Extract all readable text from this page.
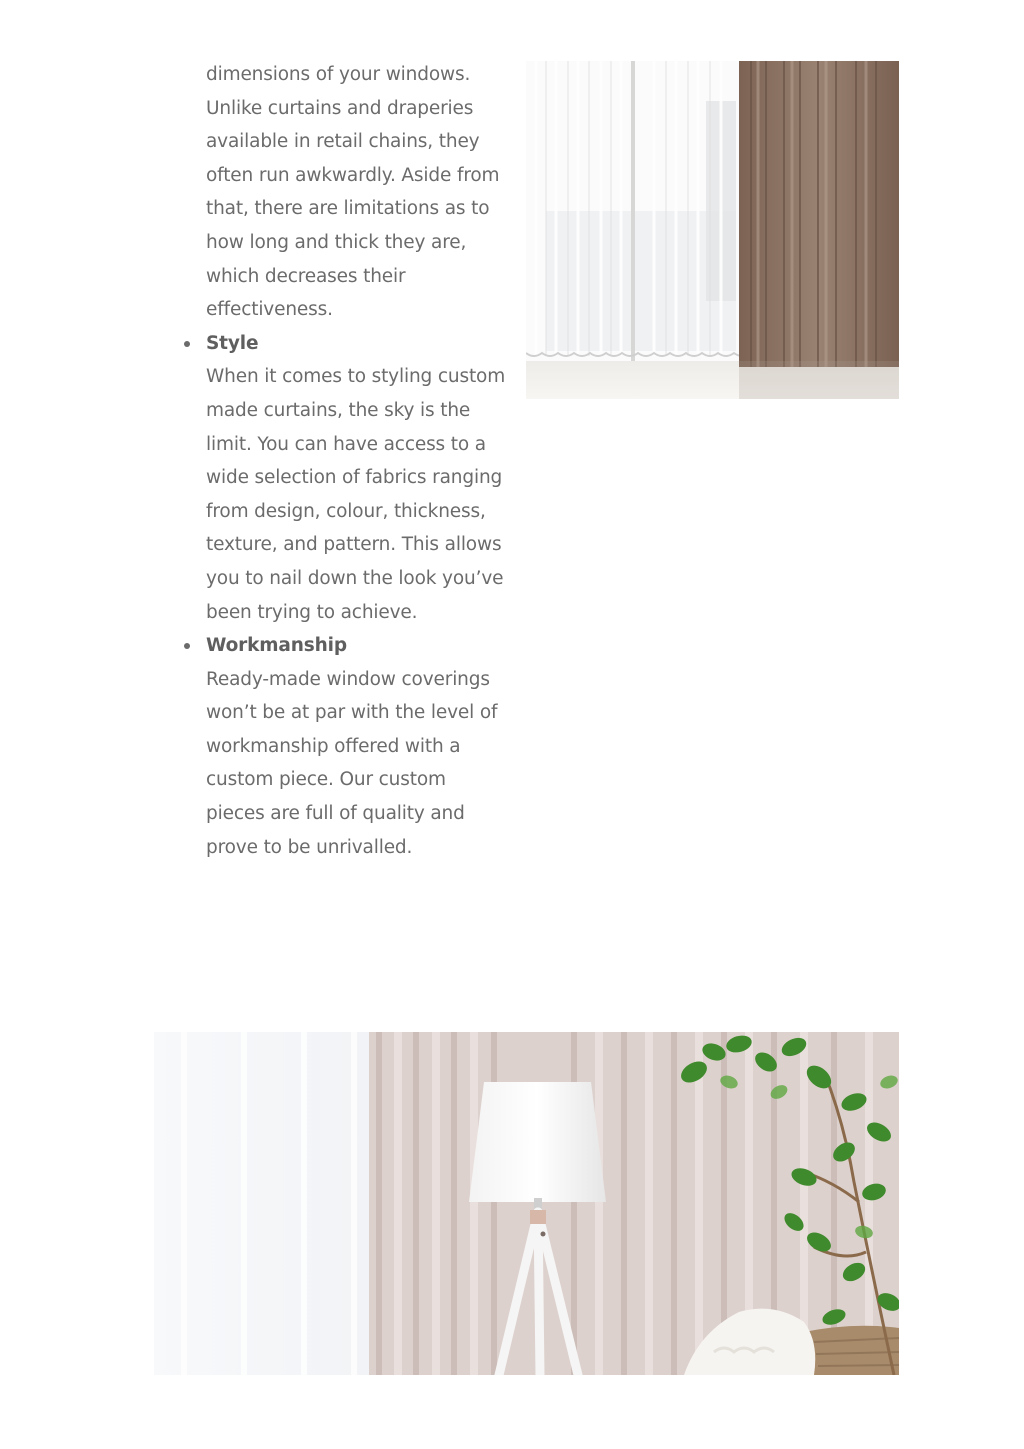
dimensions of your windows. Unlike curtains and draperies available in retail chains, they often run awkwardly. Aside from that, there are limitations as to how long and thick they are, which decreases their effectiveness.

Style
When it comes to styling custom made curtains, the sky is the limit. You can have access to a wide selection of fabrics ranging from design, colour, thickness, texture, and pattern. This allows you to nail down the look you’ve been trying to achieve.
Workmanship
Ready-made window coverings won’t be at par with the level of workmanship offered with a custom piece. Our custom pieces are full of quality and prove to be unrivalled.
